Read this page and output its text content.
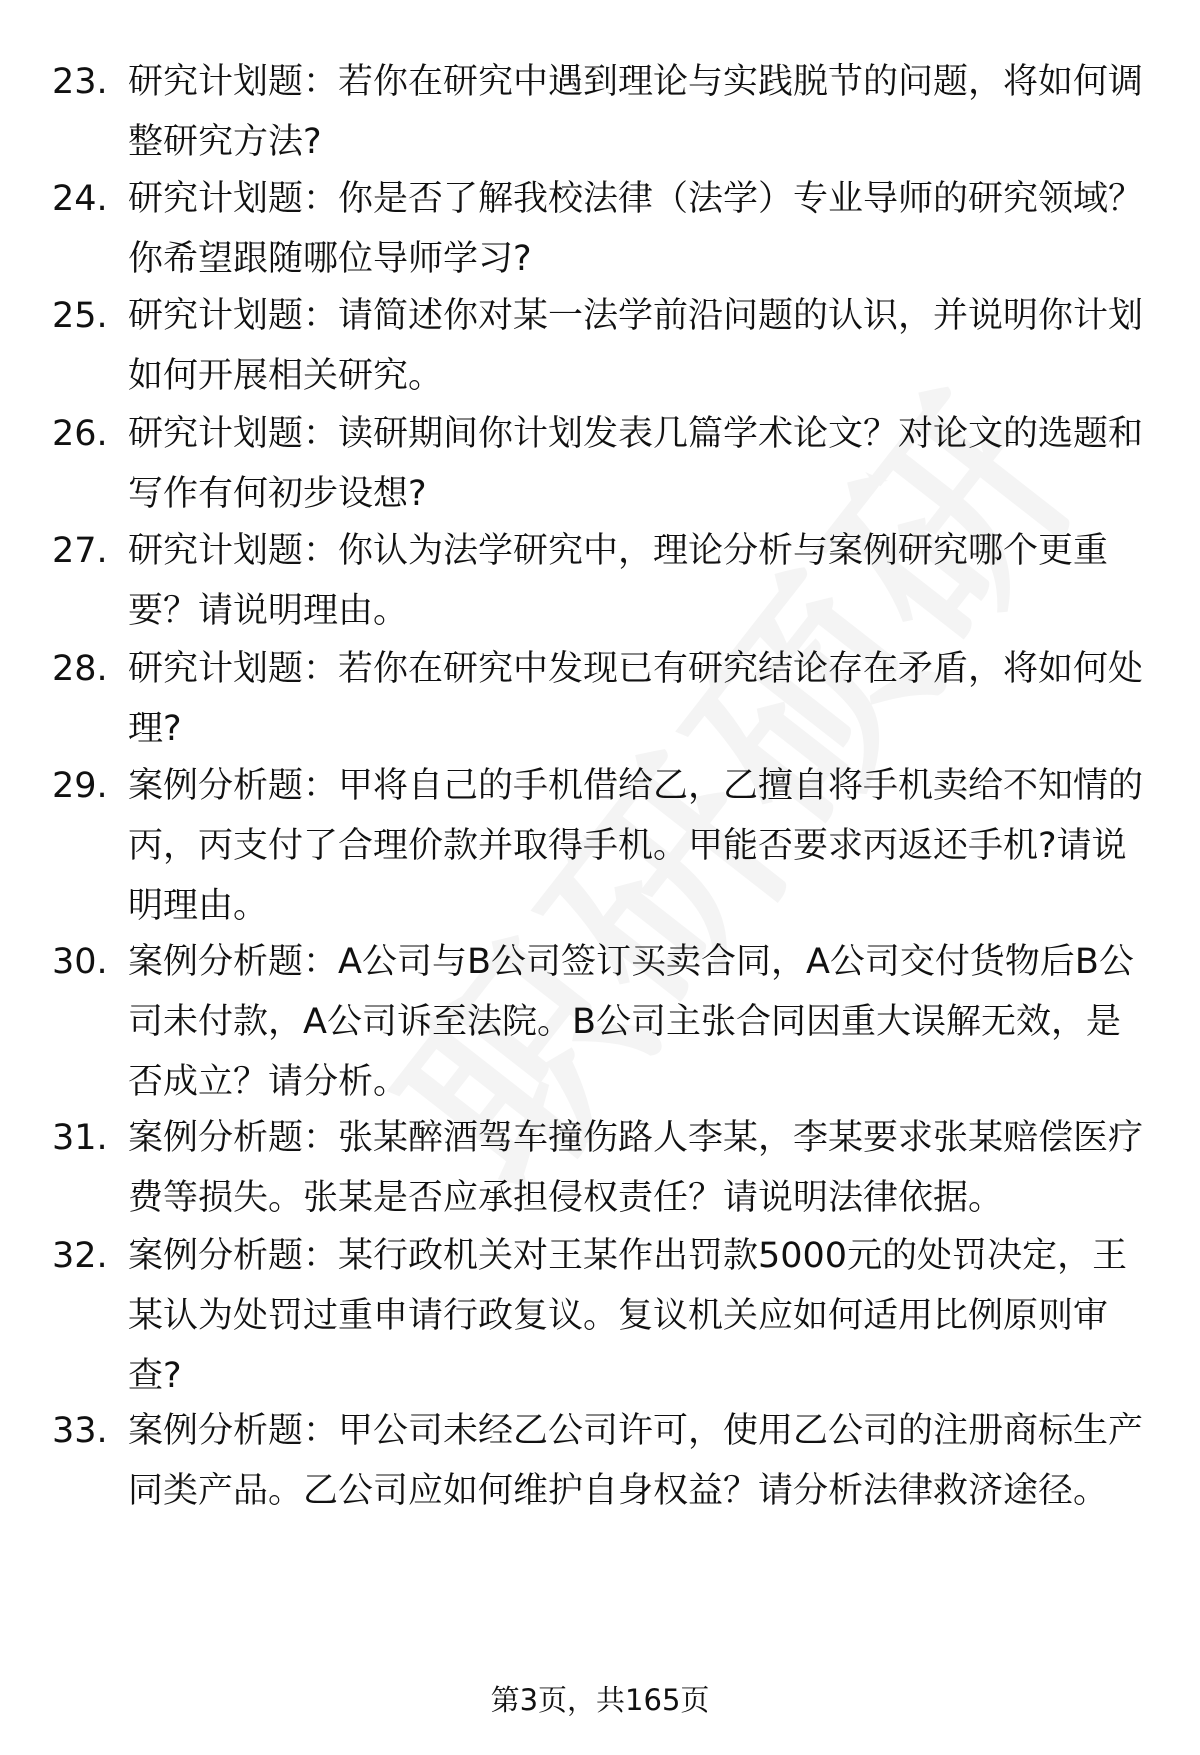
23. 研究计划题：若你在研究中遇到理论与实践脱节的问题，将如何调整研究方法?
24. 研究计划题：你是否了解我校法律（法学）专业导师的研究领域？你希望跟随哪位导师学习?
25. 研究计划题：请简述你对某一法学前沿问题的认识，并说明你计划如何开展相关研究。
26. 研究计划题：读研期间你计划发表几篇学术论文？对论文的选题和写作有何初步设想?
27. 研究计划题：你认为法学研究中，理论分析与案例研究哪个更重要？请说明理由。
28. 研究计划题：若你在研究中发现已有研究结论存在矛盾，将如何处理?
29. 案例分析题：甲将自己的手机借给乙，乙擅自将手机卖给不知情的丙，丙支付了合理价款并取得手机。甲能否要求丙返还手机?请说明理由。
30. 案例分析题：A公司与B公司签订买卖合同，A公司交付货物后B公司未付款，A公司诉至法院。B公司主张合同因重大误解无效，是否成立？请分析。
31. 案例分析题：张某醉酒驾车撞伤路人李某，李某要求张某赔偿医疗费等损失。张某是否应承担侵权责任？请说明法律依据。
32. 案例分析题：某行政机关对王某作出罚款5000元的处罚决定，王某认为处罚过重申请行政复议。复议机关应如何适用比例原则审查?
33. 案例分析题：甲公司未经乙公司许可，使用乙公司的注册商标生产同类产品。乙公司应如何维护自身权益？请分析法律救济途径。
第3页，共165页
